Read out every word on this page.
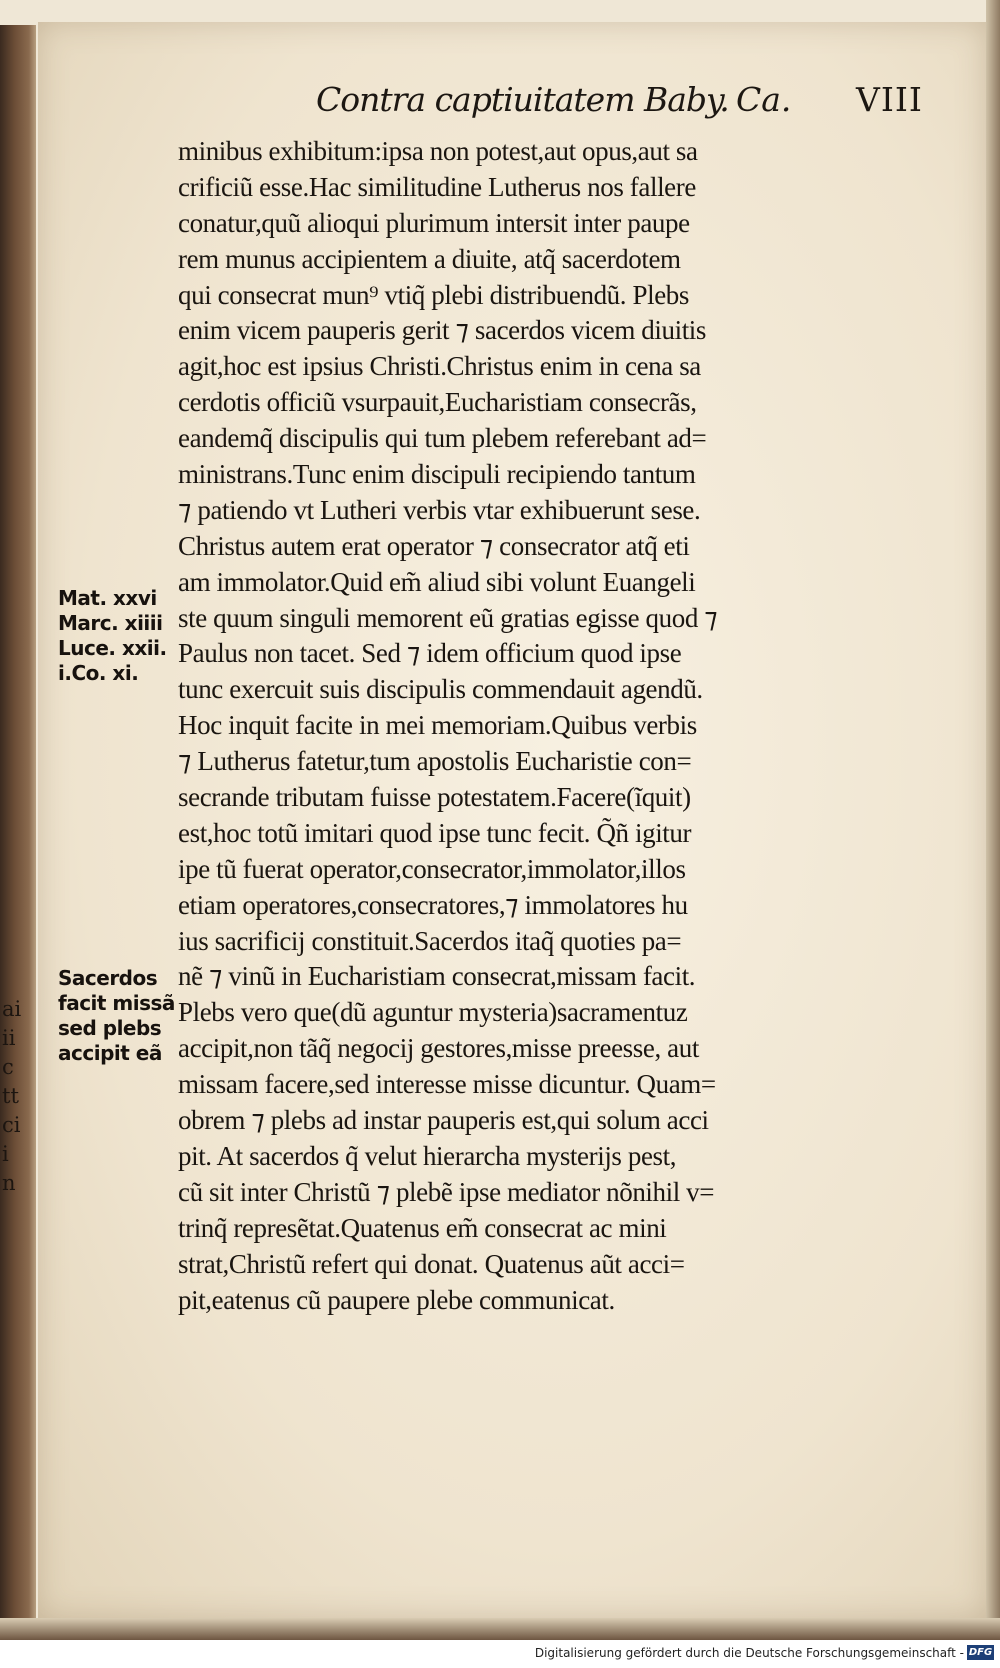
ai
ii
c
tt
ci
i
n
Contra captiuitatem Baby. Ca. VIII
Mat. xxvi
Marc. xiiii
Luce. xxii.
i.Co. xi.
Sacerdos
facit missã
sed plebs
accipit eã
minibus exhibitum:ipsa non potest,aut opus,aut sa
crificiũ esse.Hac similitudine Lutherus nos fallere
conatur,quũ alioqui plurimum intersit inter paupe
rem munus accipientem a diuite, atq̃ sacerdotem
qui consecrat mun⁹ vtiq̃ plebi distribuendũ. Plebs
enim vicem pauperis gerit ⁊ sacerdos vicem diuitis
agit,hoc est ipsius Christi.Christus enim in cena sa
cerdotis officiũ vsurpauit,Eucharistiam consecrãs,
eandemq̃ discipulis qui tum plebem referebant ad=
ministrans.Tunc enim discipuli recipiendo tantum
⁊ patiendo vt Lutheri verbis vtar exhibuerunt sese.
Christus autem erat operator ⁊ consecrator atq̃ eti
am immolator.Quid em̃ aliud sibi volunt Euangeli
ste quum singuli memorent eũ gratias egisse quod ⁊
Paulus non tacet. Sed ⁊ idem officium quod ipse
tunc exercuit suis discipulis commendauit agendũ.
Hoc inquit facite in mei memoriam.Quibus verbis
⁊ Lutherus fatetur,tum apostolis Eucharistie con=
secrande tributam fuisse potestatem.Facere(ĩquit)
est,hoc totũ imitari quod ipse tunc fecit. Q̃ñ igitur
ipe tũ fuerat operator,consecrator,immolator,illos
etiam operatores,consecratores,⁊ immolatores hu
ius sacrificij constituit.Sacerdos itaq̃ quoties pa=
nẽ ⁊ vinũ in Eucharistiam consecrat,missam facit.
Plebs vero que(dũ aguntur mysteria)sacramentuz
accipit,non tãq̃ negocij gestores,misse preesse, aut
missam facere,sed interesse misse dicuntur. Quam=
obrem ⁊ plebs ad instar pauperis est,qui solum acci
pit. At sacerdos q̃ velut hierarcha mysterijs pest,
cũ sit inter Christũ ⁊ plebẽ ipse mediator nõnihil v=
trinq̃ represẽtat.Quatenus em̃ consecrat ac mini
strat,Christũ refert qui donat. Quatenus aũt acci=
pit,eatenus cũ paupere plebe communicat.
Digitalisierung gefördert durch die Deutsche Forschungsgemeinschaft - DFG
